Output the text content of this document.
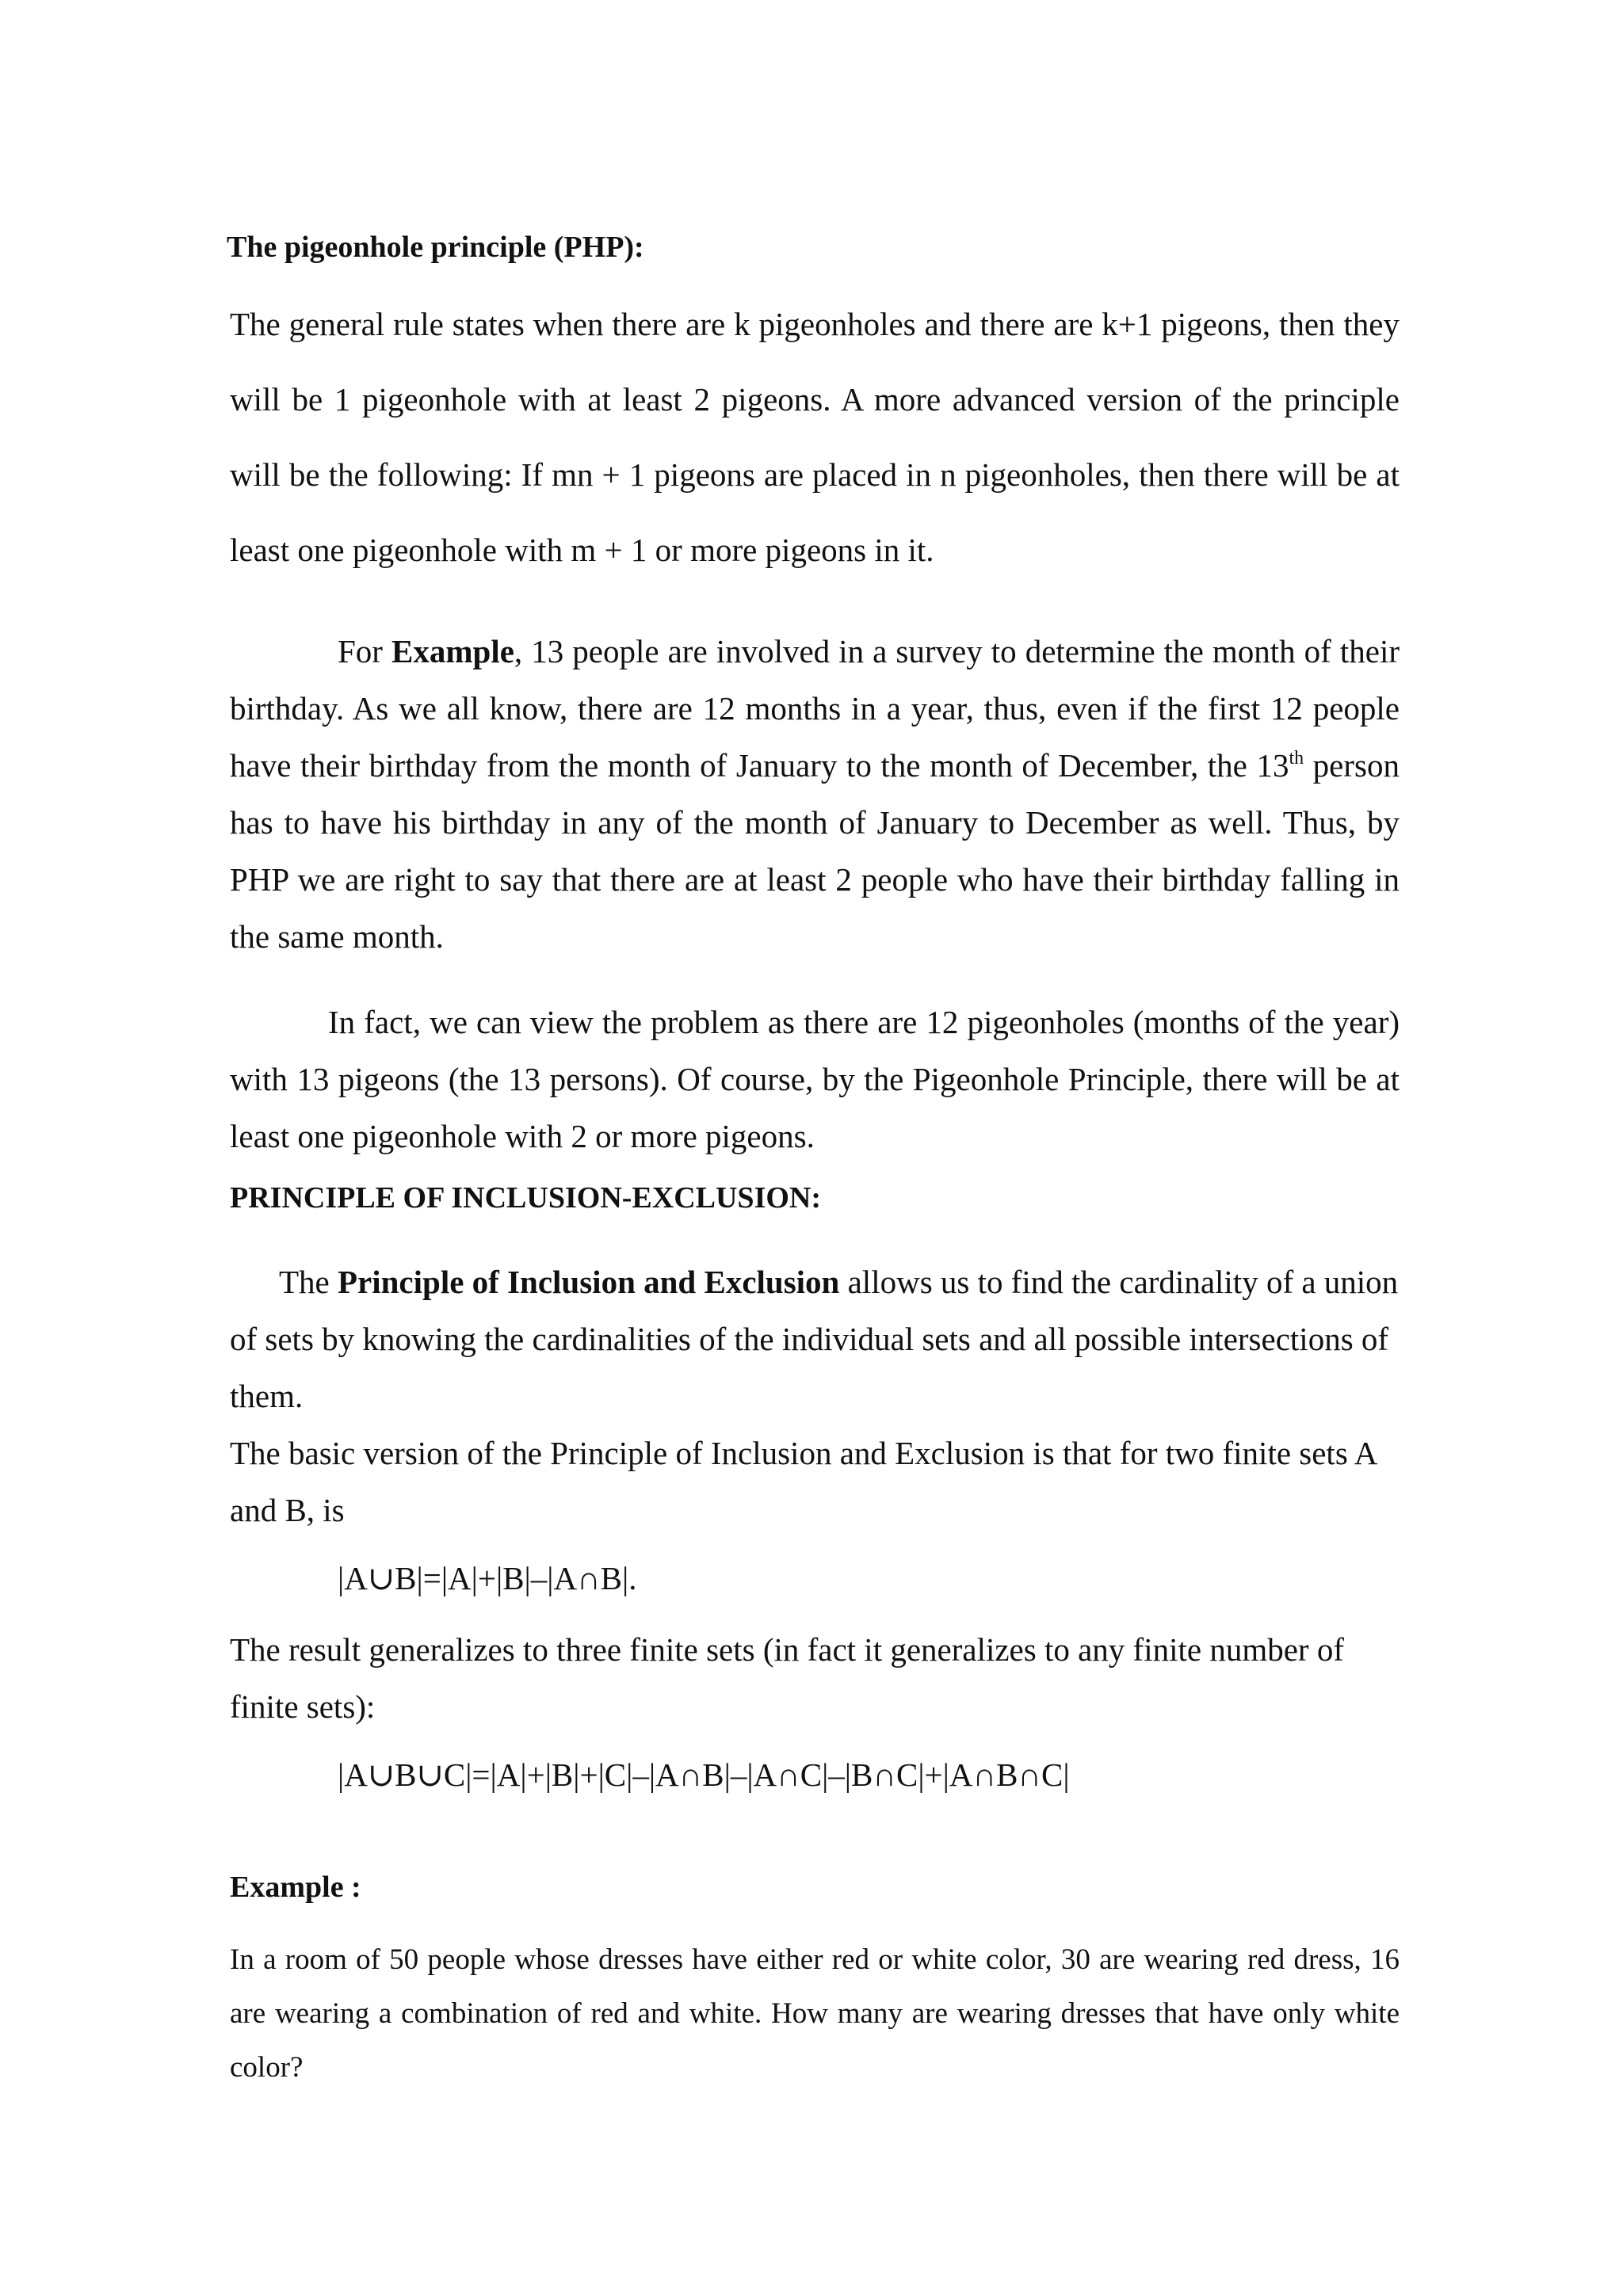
The pigeonhole principle (PHP):

The general rule states when there are k pigeonholes and there are k+1 pigeons, then they will be 1 pigeonhole with at least 2 pigeons. A more advanced version of the principle will be the following: If mn + 1 pigeons are placed in n pigeonholes, then there will be at least one pigeonhole with m + 1 or more pigeons in it.

For Example, 13 people are involved in a survey to determine the month of their birthday. As we all know, there are 12 months in a year, thus, even if the first 12 people have their birthday from the month of January to the month of December, the 13th person has to have his birthday in any of the month of January to December as well. Thus, by PHP we are right to say that there are at least 2 people who have their birthday falling in the same month.

In fact, we can view the problem as there are 12 pigeonholes (months of the year) with 13 pigeons (the 13 persons). Of course, by the Pigeonhole Principle, there will be at least one pigeonhole with 2 or more pigeons.

PRINCIPLE OF INCLUSION-EXCLUSION:

The Principle of Inclusion and Exclusion allows us to find the cardinality of a union of sets by knowing the cardinalities of the individual sets and all possible intersections of them.

The basic version of the Principle of Inclusion and Exclusion is that for two finite sets A and B, is

|A∪B|=|A|+|B|–|A∩B|.

The result generalizes to three finite sets (in fact it generalizes to any finite number of finite sets):

|A∪B∪C|=|A|+|B|+|C|–|A∩B|–|A∩C|–|B∩C|+|A∩B∩C|

Example :

In a room of 50 people whose dresses have either red or white color, 30 are wearing red dress, 16 are wearing a combination of red and white. How many are wearing dresses that have only white color?
